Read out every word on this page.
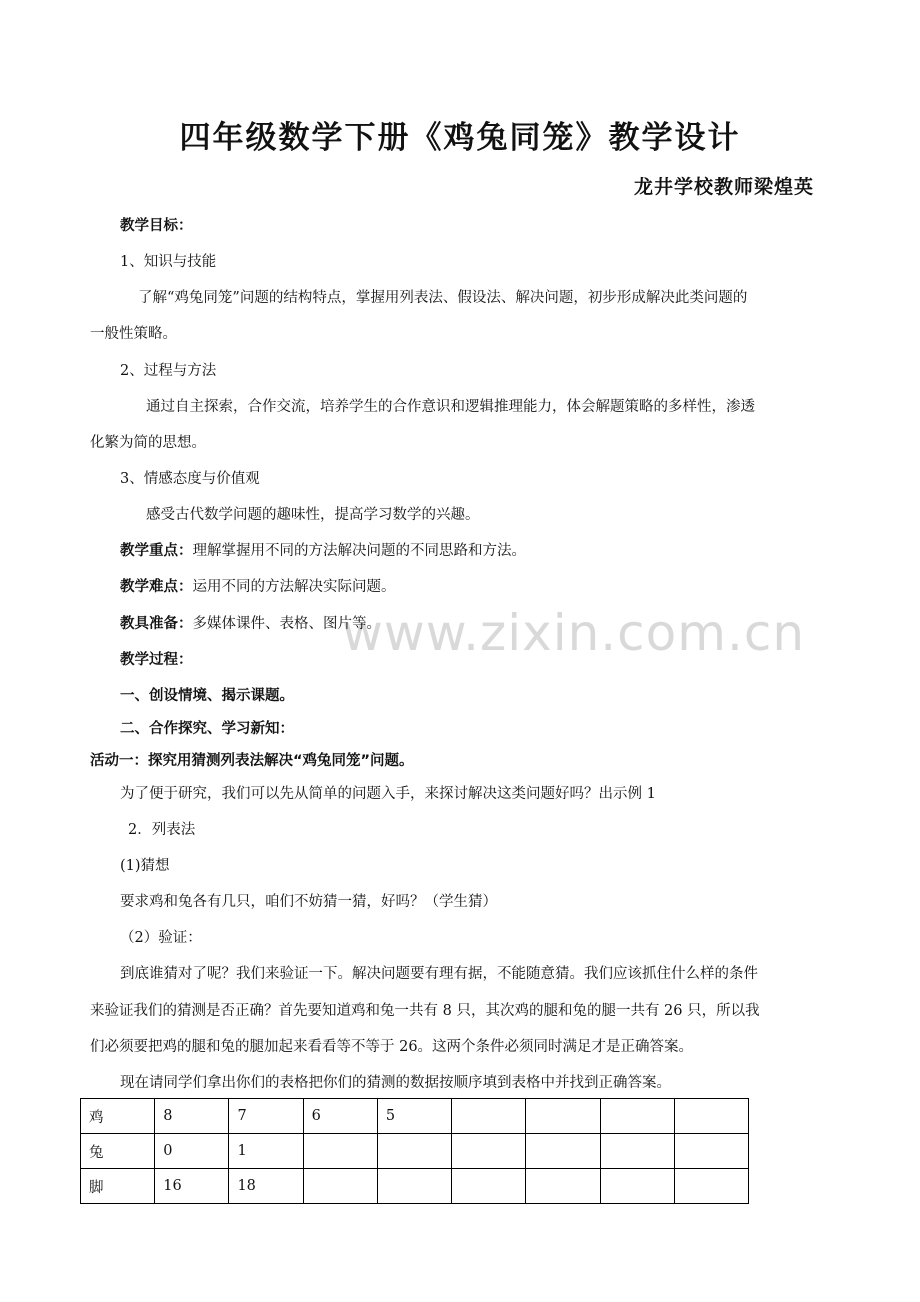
www.zixin.com.cn
四年级数学下册《鸡兔同笼》教学设计
龙井学校教师梁煌英
教学目标：
1、知识与技能
了解“鸡兔同笼”问题的结构特点，掌握用列表法、假设法、解决问题，初步形成解决此类问题的
一般性策略。
2、过程与方法
通过自主探索，合作交流，培养学生的合作意识和逻辑推理能力，体会解题策略的多样性，渗透
化繁为简的思想。
3、情感态度与价值观
感受古代数学问题的趣味性，提高学习数学的兴趣。
教学重点：理解掌握用不同的方法解决问题的不同思路和方法。
教学难点：运用不同的方法解决实际问题。
教具准备：多媒体课件、表格、图片等。
教学过程：
一、创设情境、揭示课题。
二、合作探究、学习新知：
活动一：探究用猜测列表法解决“鸡兔同笼”问题。
为了便于研究，我们可以先从简单的问题入手，来探讨解决这类问题好吗？出示例 1
2．列表法
(1)猜想
要求鸡和兔各有几只，咱们不妨猜一猜，好吗？（学生猜）
（2）验证：
到底谁猜对了呢？我们来验证一下。解决问题要有理有据，不能随意猜。我们应该抓住什么样的条件
来验证我们的猜测是否正确？首先要知道鸡和兔一共有 8 只，其次鸡的腿和兔的腿一共有 26 只，所以我
们必须要把鸡的腿和兔的腿加起来看看等不等于 26。这两个条件必须同时满足才是正确答案。
现在请同学们拿出你们的表格把你们的猜测的数据按顺序填到表格中并找到正确答案。
鸡	8	7	6	5				
兔	0	1						
脚	16	18						
